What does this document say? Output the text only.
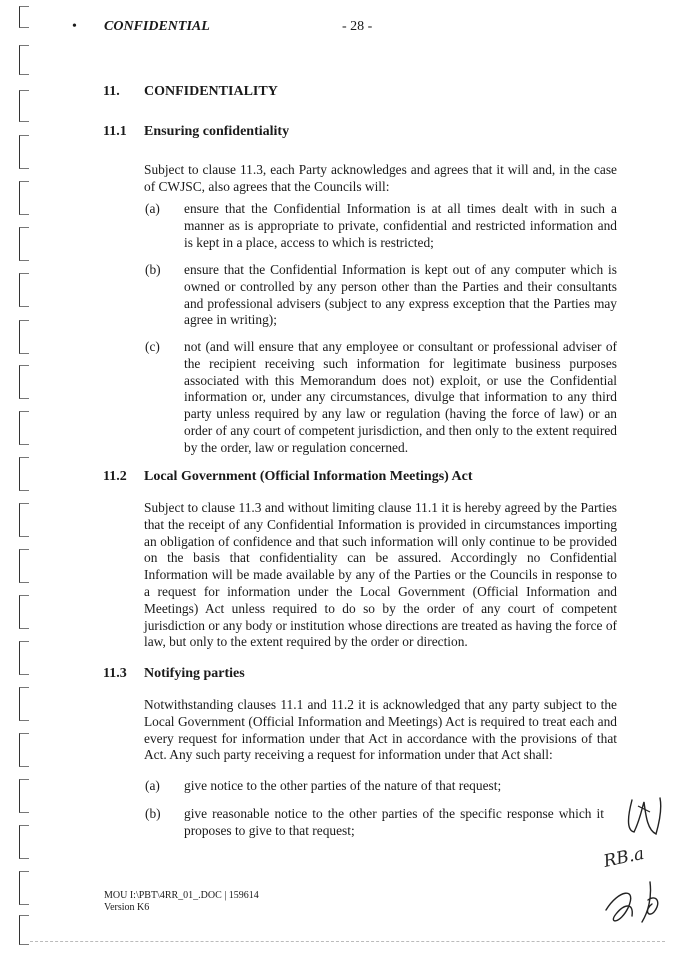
• CONFIDENTIAL	- 28 -
11. CONFIDENTIALITY
11.1 Ensuring confidentiality
Subject to clause 11.3, each Party acknowledges and agrees that it will and, in the case of CWJSC, also agrees that the Councils will:
(a) ensure that the Confidential Information is at all times dealt with in such a manner as is appropriate to private, confidential and restricted information and is kept in a place, access to which is restricted;
(b) ensure that the Confidential Information is kept out of any computer which is owned or controlled by any person other than the Parties and their consultants and professional advisers (subject to any express exception that the Parties may agree in writing);
(c) not (and will ensure that any employee or consultant or professional adviser of the recipient receiving such information for legitimate business purposes associated with this Memorandum does not) exploit, or use the Confidential information or, under any circumstances, divulge that information to any third party unless required by any law or regulation (having the force of law) or an order of any court of competent jurisdiction, and then only to the extent required by the order, law or regulation concerned.
11.2 Local Government (Official Information Meetings) Act
Subject to clause 11.3 and without limiting clause 11.1 it is hereby agreed by the Parties that the receipt of any Confidential Information is provided in circumstances importing an obligation of confidence and that such information will only continue to be provided on the basis that confidentiality can be assured. Accordingly no Confidential Information will be made available by any of the Parties or the Councils in response to a request for information under the Local Government (Official Information and Meetings) Act unless required to do so by the order of any court of competent jurisdiction or any body or institution whose directions are treated as having the force of law, but only to the extent required by the order or direction.
11.3 Notifying parties
Notwithstanding clauses 11.1 and 11.2 it is acknowledged that any party subject to the Local Government (Official Information and Meetings) Act is required to treat each and every request for information under that Act in accordance with the provisions of that Act. Any such party receiving a request for information under that Act shall:
(a) give notice to the other parties of the nature of that request;
(b) give reasonable notice to the other parties of the specific response which it proposes to give to that request;
MOU I:\PBT\4RR_01_.DOC | 159614
Version K6
RB.a
